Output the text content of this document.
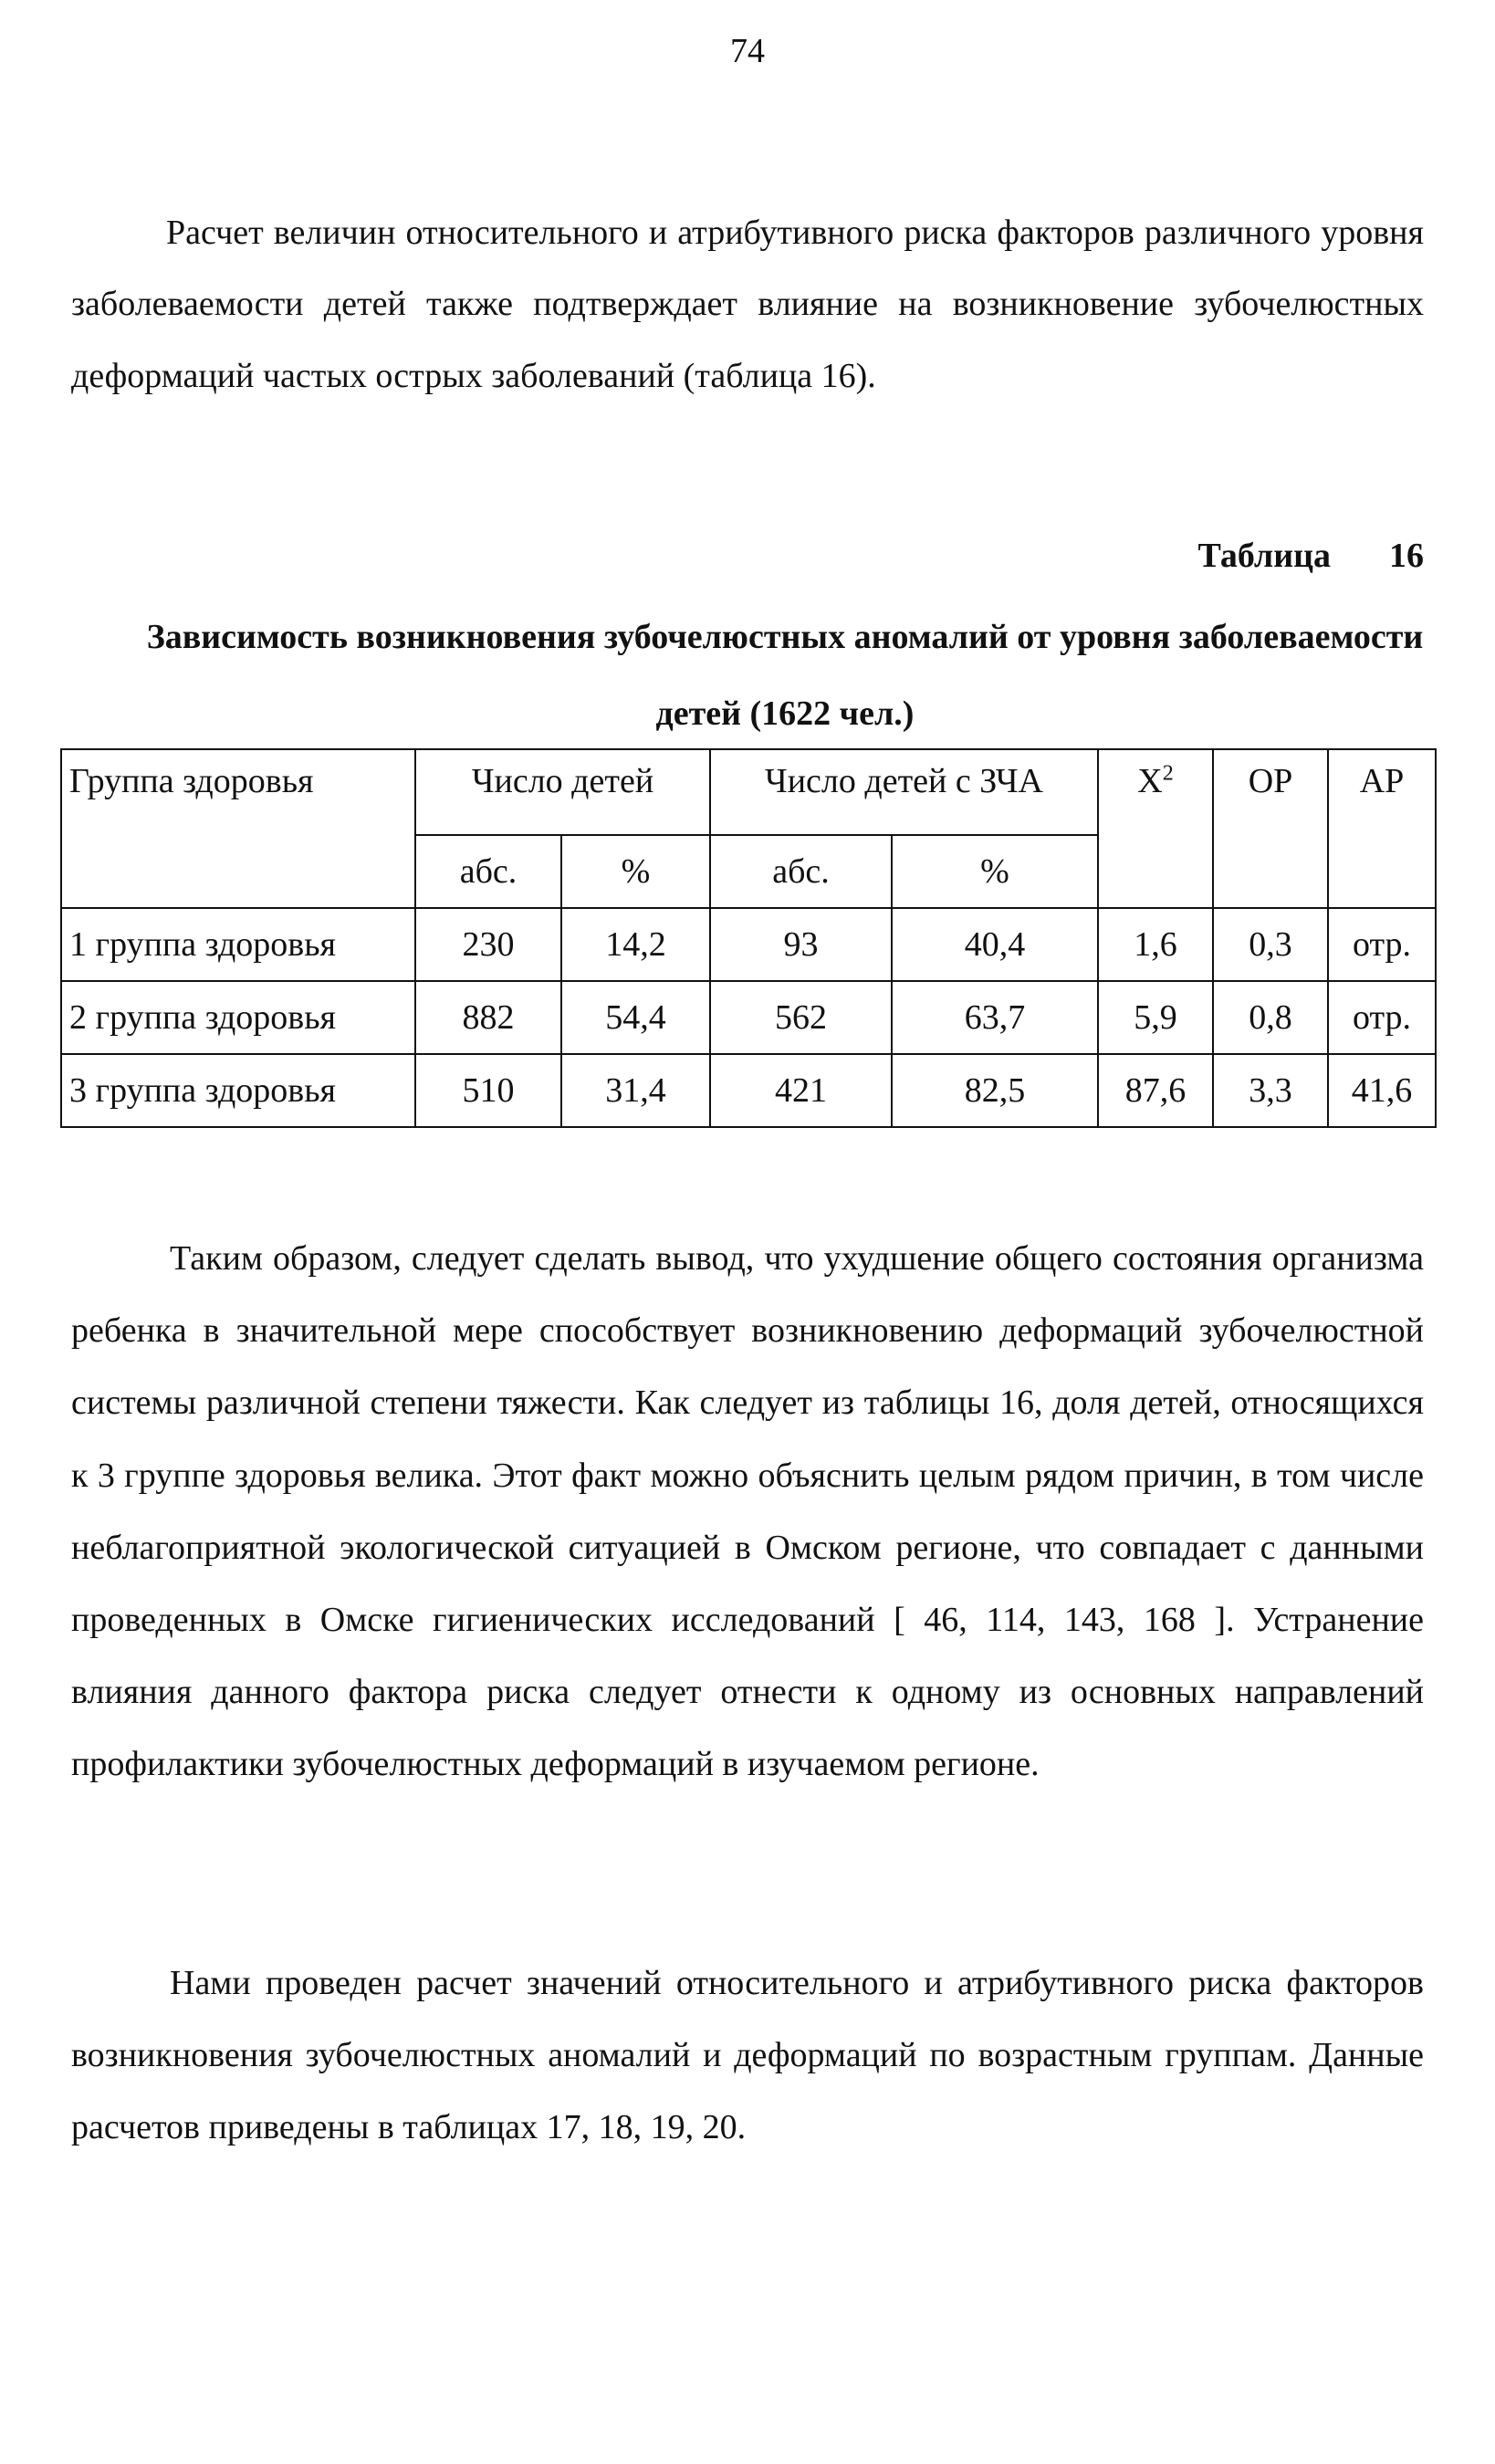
74

Расчет величин относительного и атрибутивного риска факторов различного уровня заболеваемости детей также подтверждает влияние на возникновение зубочелюстных деформаций частых острых заболеваний (таблица 16).

Таблица 16
Зависимость возникновения зубочелюстных аномалий от уровня заболеваемости детей (1622 чел.)
Группа здоровья	Число детей		Число детей с ЗЧА		$X^2$	ОР	АР
	абс.	%	абс.	%			
1 группа здоровья	230	14,2	93	40,4	1,6	0,3	отр.
2 группа здоровья	882	54,4	562	63,7	5,9	0,8	отр.
3 группа здоровья	510	31,4	421	82,5	87,6	3,3	41,6

Таким образом, следует сделать вывод, что ухудшение общего состояния организма ребенка в значительной мере способствует возникновению деформаций зубочелюстной системы различной степени тяжести. Как следует из таблицы 16, доля детей, относящихся к 3 группе здоровья велика. Этот факт можно объяснить целым рядом причин, в том числе неблагоприятной экологической ситуацией в Омском регионе, что совпадает с данными проведенных в Омске гигиенических исследований [ 46, 114, 143, 168 ]. Устранение влияния данного фактора риска следует отнести к одному из основных направлений профилактики зубочелюстных деформаций в изучаемом регионе.

Нами проведен расчет значений относительного и атрибутивного риска факторов возникновения зубочелюстных аномалий и деформаций по возрастным группам. Данные расчетов приведены в таблицах 17, 18, 19, 20.
